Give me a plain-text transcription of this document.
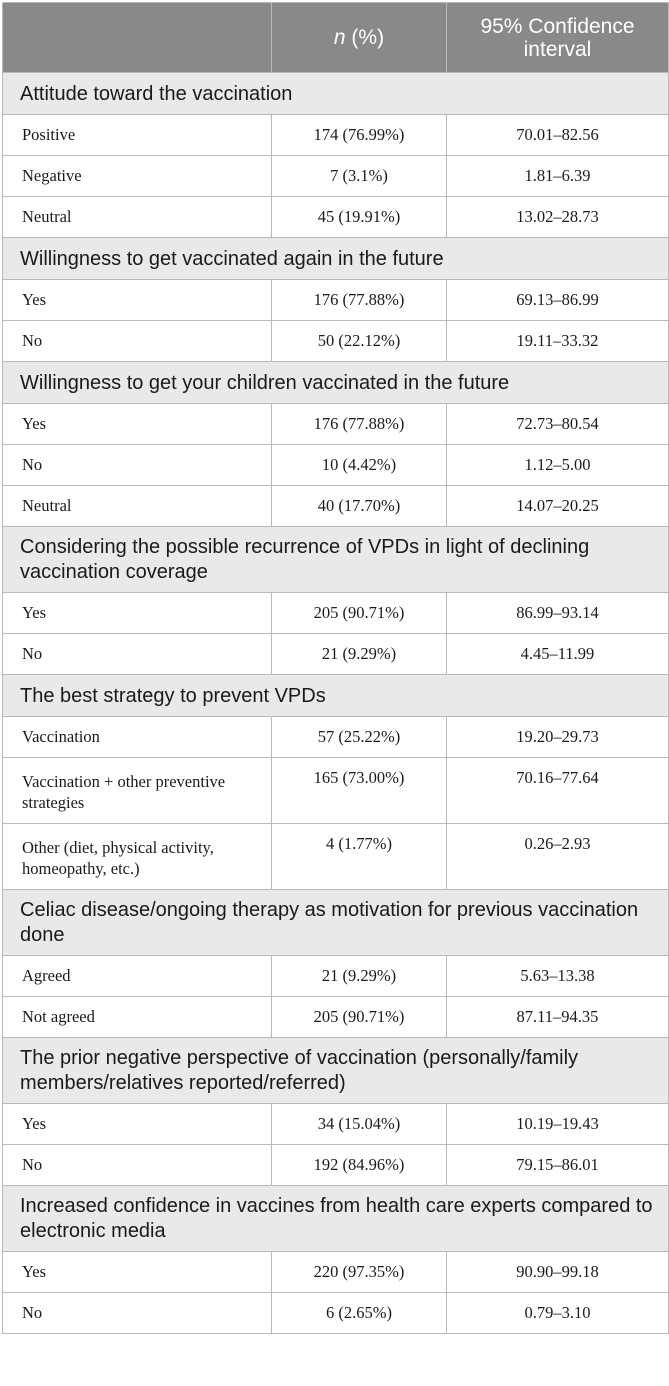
	n (%)	95% Confidence interval
Attitude toward the vaccination		
Positive	174 (76.99%)	70.01–82.56
Negative	7 (3.1%)	1.81–6.39
Neutral	45 (19.91%)	13.02–28.73
Willingness to get vaccinated again in the future		
Yes	176 (77.88%)	69.13–86.99
No	50 (22.12%)	19.11–33.32
Willingness to get your children vaccinated in the future		
Yes	176 (77.88%)	72.73–80.54
No	10 (4.42%)	1.12–5.00
Neutral	40 (17.70%)	14.07–20.25
Considering the possible recurrence of VPDs in light of declining vaccination coverage		
Yes	205 (90.71%)	86.99–93.14
No	21 (9.29%)	4.45–11.99
The best strategy to prevent VPDs		
Vaccination	57 (25.22%)	19.20–29.73
Vaccination + other preventive strategies	165 (73.00%)	70.16–77.64
Other (diet, physical activity, homeopathy, etc.)	4 (1.77%)	0.26–2.93
Celiac disease/ongoing therapy as motivation for previous vaccination done		
Agreed	21 (9.29%)	5.63–13.38
Not agreed	205 (90.71%)	87.11–94.35
The prior negative perspective of vaccination (personally/family members/relatives reported/referred)		
Yes	34 (15.04%)	10.19–19.43
No	192 (84.96%)	79.15–86.01
Increased confidence in vaccines from health care experts compared to electronic media		
Yes	220 (97.35%)	90.90–99.18
No	6 (2.65%)	0.79–3.10
